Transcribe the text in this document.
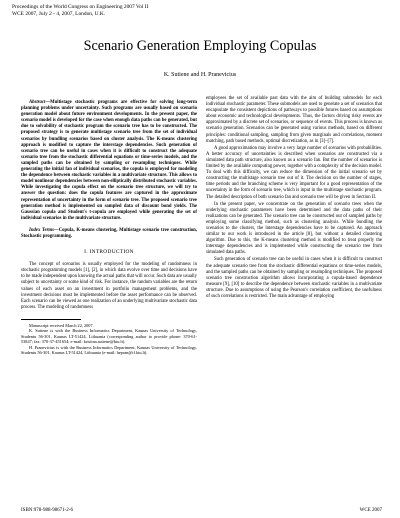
Proceedings of the World Congress on Engineering 2007 Vol II
WCE 2007, July 2 - 4, 2007, London, U.K.
Scenario Generation Employing Copulas
K. Sutiene and H. Pranevicius

Abstract—Multistage stochastic programs are effective for solving long-term planning problems under uncertainty. Such programs are usually based on scenario generation model about future environment developments. In the present paper, the scenario model is developed for the case when enough data paths can be generated, but due to solvability of stochastic program the scenario tree has to be constructed. The proposed strategy is to generate multistage scenario tree from the set of individual scenarios by bundling scenarios based on cluster analysis. The K-means clustering approach is modified to capture the interstage dependencies. Such generation of scenario tree can be useful in cases when it is difficult to construct the adequate scenario tree from the stochastic differential equations or time-series models, and the sampled paths can be obtained by sampling or resampling techniques. While generating the initial fan of individual scenarios, the copula is employed for modeling the dependence between stochastic variables in a multivariate structure. This allows to model nonlinear dependencies between non-elliptically distributed stochastic variables. While investigating the copula effect on the scenario tree structure, we will try to answer the question: does the copula features are captured in the approximate representation of uncertainty in the form of scenario tree. The proposed scenario tree generation method is implemented on sampled data of discount bond yields. The Gaussian copula and Student's t-copula are employed while generating the set of individual scenarios in the multivariate structure.

Index Terms—Copula, K-means clustering, Multistage scenario tree construction, Stochastic programming.

I. INTRODUCTION

The concept of scenarios is usually employed for the modeling of randomness in stochastic programming models [1], [2], in which data evolve over time and decisions have to be made independent upon knowing the actual paths that will occur. Such data are usually subject to uncertainty or some kind of risk. For instance, the random variables are the return values of each asset on an investment in portfolio management problems, and the investment decisions must be implemented before the asset performance can be observed. Each scenario can be viewed as one realization of an underlying multivariate stochastic data process. The modeling of randomness

Manuscript received March 22, 2007.

K. Sutiene is with the Business Informatics Department, Kaunas University of Technology, Studentu 56-301, Kaunas LT-51424, Lithuania (corresponding author to provide phone: 370-61-53847; fax: 370-37-451654; e-mail: kristina.sutiene@ktu.lt).

H. Pranevicius is with the Business Informatics Department, Kaunas University of Technology, Studentu 56-301, Kaunas LT-51424, Lithuania (e-mail: hepran@if.ktu.lt).

employees the set of available past data with the aim of building submodels for each individual stochastic parameter. These submodels are used to generate a set of scenarios that encapsulate the consistent depictions of pathways to possible futures based on assumptions about economic and technological developments. Thus, the factors driving risky events are approximated by a discrete set of scenarios, or sequence of events. This process is known as scenario generation. Scenarios can be generated using various methods, based on different principles: conditional sampling, sampling from given marginals and correlations, moment matching, path based methods, optimal discretization, as in [3]–[7].

A good approximation may involve a very large number of scenarios with probabilities. A better accuracy of uncertainties is described when scenarios are constructed via a simulated data path structure, also known as a scenario fan. But the number of scenarios is limited by the available computing power, together with a complexity of the decision model. To deal with this difficulty, we can reduce the dimension of the initial scenario set by constructing the multistage scenario tree out of it. The decision on the number of stages, time periods and the branching scheme is very important for a good representation of the uncertainty in the form of scenario tree, which is input in the multistage stochastic program. The detailed description of both scenario fan and scenario tree will be given in Section II.

In the present paper, we concentrate on the generation of scenario trees when the underlying stochastic parameters have been determined and the data paths of their realizations can be generated. The scenario tree can be constructed out of sampled paths by employing some classifying method, such as clustering analysis. While bundling the scenarios to the clusters, the interstage dependencies have to be captured. An approach similar to our work is introduced in the article [8], but without a detailed clustering algorithm. Due to this, the K-means clustering method is modified to treat properly the interstage dependencies and is implemented while constructing the scenario tree from simulated data paths.

Such generation of scenario tree can be useful in cases when it is difficult to construct the adequate scenario tree from the stochastic differential equations or time-series models, and the sampled paths can be obtained by sampling or resampling techniques. The proposed scenario tree construction algorithm allows incorporating a copula-based dependence measure [9], [10] to describe the dependence between stochastic variables in a multivariate structure. Due to assumptions of using the Pearson's correlation coefficient, the usefulness of such correlations is restricted. The main advantage of employing

ISBN:978-988-98671-2-6	WCE 2007
